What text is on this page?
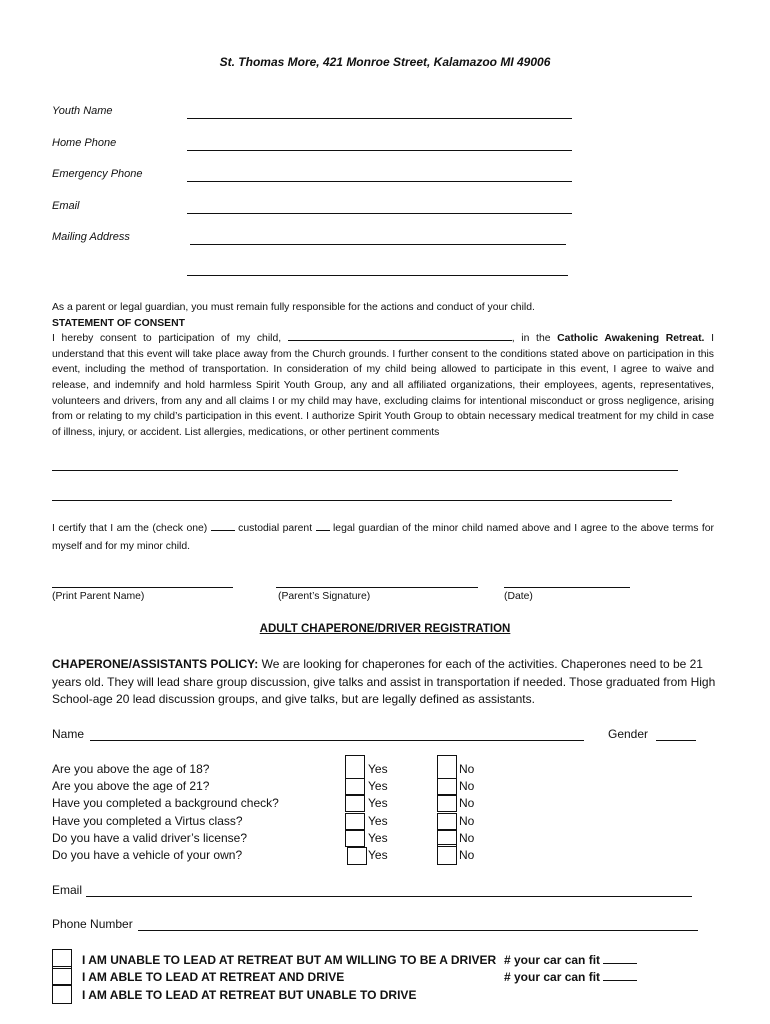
St. Thomas More, 421 Monroe Street, Kalamazoo MI 49006
Youth Name
Home Phone
Emergency Phone
Email
Mailing Address
As a parent or legal guardian, you must remain fully responsible for the actions and conduct of your child.
STATEMENT OF CONSENT
I hereby consent to participation of my child,	, in the Catholic Awakening Retreat. I understand that this event will take place away from the Church grounds. I further consent to the conditions stated above on participation in this event, including the method of transportation. In consideration of my child being allowed to participate in this event, I agree to waive and release, and indemnify and hold harmless Spirit Youth Group, any and all affiliated organizations, their employees, agents, representatives, volunteers and drivers, from any and all claims I or my child may have, excluding claims for intentional misconduct or gross negligence, arising from or relating to my child’s participation in this event. I authorize Spirit Youth Group to obtain necessary medical treatment for my child in case of illness, injury, or accident. List allergies, medications, or other pertinent comments
I certify that I am the (check one)	custodial parent legal guardian of the minor child named above and I agree to the above terms for myself and for my minor child.
(Print Parent Name)	(Parent’s Signature)	(Date)
ADULT CHAPERONE/DRIVER REGISTRATION
CHAPERONE/ASSISTANTS POLICY: We are looking for chaperones for each of the activities. Chaperones need to be 21 years old. They will lead share group discussion, give talks and assist in transportation if needed. Those graduated from High School-age 20 lead discussion groups, and give talks, but are legally defined as assistants.
Name	Gender
Are you above the age of 18?	Yes	No
Are you above the age of 21?	Yes	No
Have you completed a background check?	Yes	No
Have you completed a Virtus class?	Yes	No
Do you have a valid driver’s license?	Yes	No
Do you have a vehicle of your own?	Yes	No
Email
Phone Number
I AM UNABLE TO LEAD AT RETREAT BUT AM WILLING TO BE A DRIVER # your car can fit
I AM ABLE TO LEAD AT RETREAT AND DRIVE	# your car can fit
I AM ABLE TO LEAD AT RETREAT BUT UNABLE TO DRIVE
